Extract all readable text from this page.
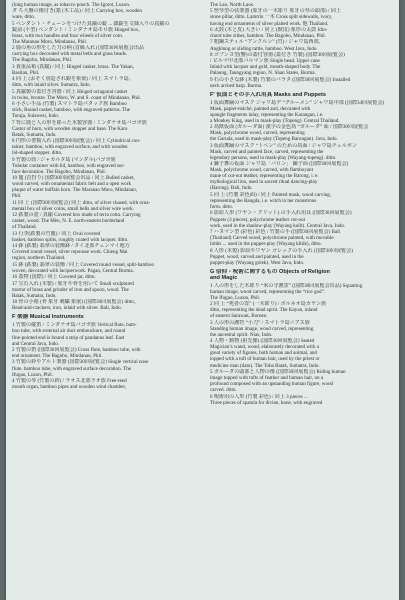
(long human image, as tobacco pouch. The Igorot, Luzon.
ダ ち大盤の像付き(薬 (木工品) / 同上 Carrying box, wooden
ware, ditto.
5 ペンダント・チェーンをつけた真鍮の錠 ... 鎖錠を文様入りの真鍮の
錠前 (平型) ペンダント / ミンダナオ島モロ族 Hinged box,
brass, with two handles and four wheels of silver coin.
The Maranao Moro, Mindanao, Phil.
2 鹿の角の形をした刀の柄 (首級入れ) 国際30回展覧会出品
carrying box decorated with metal bells and glass beads.
The Bagobo, Mindanao, Phil.
3 貴重品箱 (真鍮) / 同上 Hinged casket, brass. The Yakan,
Basilan, Phil.
4 同 上 (おそく別造され銀を象嵌) / 同上 スマトラ島。
ditto, with inlaid silver. Sumatra, Indo.
5 真鍮製の蓋付き容器 / 同上 Hinged octagonal casket
in twins, bronze. The Moro, W. and S. coast of Mindanao, Phil.
6 小さい手品 (竹製) スマトラ島バタック族 Bamboo
stick, Round casket, bamboo, with engraved patterns. The
Toraja, Sulawesi, Indo.
7 背に鹿と人の形を彫った木製容器 / ミンダナオ島バゴボ族
Castor of horn, with wooden stopper and base. The Karo
Batak, Sumatra, Indo.
8 円形の書類入れ (国際30回展覧会) / 同上 Cylindrical con-
tainer, bamboo, with engraved surface, and with wooden
lid-shaped stopper. ditto.
9 竹製の筒 / ジャカルタ島 (マンダル)バゴボ族
Tubular container with lid, bamboo, with engraved sur-
face decoration. The Bagobo, Mindanao, Phil.
10 籠 (首狩り) 国際30回展覧会出品 / 同上 Bulled casket,
wood carved, with ornamental fabric belt and a open work
plaque of water buffalo horn. The Maranao Moro, Mindanao,
Phil.
11 同 上 (国際30回展覧会) 同上 ditto, of silver chased, with orna-
mental box of silver coins, small bells and silver wire work.
12 鉄製の壺 / 真鍮 Covered box made of terra cotta. Carrying
casket, wood. The Mèo, N. E. north-eastern borderland
of Thailand.
13 行李(鉄製の竹籠) / 同上 Oval covered
basket, bamboo splits, roughly coated with lacquer. ditto.
14 鉢 (鉄製) 翡翠の装飾鉢 / タイ北部チェンマイ地方
Covered round vessel, silver repousse work. Chieng Mai
region, northern Thailand.
15 鉢 (鉄製) 翡翠の装飾 / 同上 Covered round vessel, split-bamboo
woven, decorated with lacquerwork. Pagan, Central Burma.
16 蓋物 (国際) / 同上 Covered jar, ditto.
17 宝石入れ (木製) / 象牙や骨を用いて Small sculptured
mortar of brass and grinder of iron and spoon, wood. The
Batak, Sumatra, Indo.
18 骨の小箱 (骨 象牙 刺繍 象嵌) (国際30回展覧会) ditto。
Bead-and-crackers, iron, inlaid with silver. Bali, Indo.
F 楽器 Musical Instruments
1 竹製の縦笛 / ミンダナオ島バゴボ族 Vertical flute, bam-
boo tube, with external air duct embouchure, and round
fine-pointed end is bound a strip of pandanus leaf. East
and Central Java, Indo.
2 竹製の笛 (国際30回展覧会) Cross flute, bamboo tube, with
end ornament. The Bagobo, Mindanao, Phil.
3 竹製の鈴やアルト楽器 (国際30回展覧会) Single vertical nose
flute, bamboo tube, with engraved surface decoration. The
Ifugao, Luzon, Phil.
4 竹製の琴 (竹製の鈴) / ラオス北部ラオ族 Free-reed
mouth organ, bamboo pipes and wooden wind chamber,
The Lao, North Laos.
5 竪琴型の弦楽器 (象牙の一木彫り 象牙の琴の頭部) / 同上
stone pillar, ditto. Lamtrin 一木 Cross spilt sidewalls, ivory,
having end ornaments of silver plaited work. 他 Thailand.
6 太鼓 (木と皮) 大きい / 同上 (獣皮) 象形の太鼓 Idio-
chord tube zither, bamboo. The Bagobo, Mindanao, Phil.
7 粗鋼スティル “アンクルン” (竹) / ジャワ島西部,
Angklung or sliding rattle, bamboo. West Java, Indo.
8 ゴブンヨ型(響)の蓋付容器 (蓋付き 竹製) (国際30回展覧会)
/ ビルマ中北部バルマン族 Single bead. Upper cane
Inlaid with lacquer and gold, mouth-shaped body. The
Palaung, Taungyang region, N. Shan States, Burma.
9 石の小さな鉢 (木製) 竹製のバラタ (国際30回展覧会) Installed
neck arched harp. Burma.
F' 仮面とその手入れ用具 Masks and Puppets
1 仮面舞踊のマスク ジャワ島デ “グルーメン” ジャワ島中部 (国際34回展覧会)
Mask, papier-mâché, painted and, decorated with
spangle fragments inlay, representing the Karangan, i.e.
a Monkey King, used in mask-play (Topeng). Central Thailand.
2 鳥獣仮面 (ガルーダ面) 漢字の金色鳥 “ガルーダ” 面 / 国際30回展覧会
Mask, polychrome wood, carved, representing
the Garuda, used in mask-play (Topeng Barongan). Java, Indo.
3 仮面舞踊のマスク “トペン” のための鳥面 / ジャワ島チェルボン
Mask, carved and painted face, carved, representing the
legendary persons, used in mask-play (Wayang-topeng). ditto.
4 獅子舞の仮面 ジャワ島「バロン」 獅子面 (国際30回展覧会)
Mask, polychrome wood, carved, with flamboyant
mane of cut-out leather, representing the Barong, i. e.
mythological lion, used in sacred ritual dancing-play
(Barong). Bali, Indo.
5 同 上 (竹製 彩色面) / 同上 Painted mask, wood carving,
representing the Rangda, i.e. witch in her monstrous
form. ditto.
6 影絵人形 (ワヤン・クリット) の手入れ用具 (国際30回展覧会)
Puppets (3 pieces), polychrome leather cut-out
work, used in the shadow-play (Wayang kulit). Central Java, Indo.
7 ハヌマン型 (彩色) 彩色 / 竹製の手 (国際30回展覧会) Bali
(Thailand) Carved wood, polychrome painted, with movable
limbs ... used in the puppet-play (Wayang klitik), ditto.
8 人形 (木製) 影絵やワヤン ゴレックの手入れ (国際30回展覧会)
Puppet, wood, carved and painted, used in the
puppet-play (Wayang golek). West Java, Indo.
G 信仰・呪術に関するもの Objects of Religion
and Magic
1 人の形をした木彫り “米の守護霊” (国際30回展覧会出品) Squatting
human image, wood carved, representing the “rice god”.
The Ifugao, Luzon, Phil.
2 同 上 “死者の霊” (一木彫り) / ボルネオ島カヤン族
ditto, representing the dead spirit. The Kayan, inland
of eastern Sarawak, Borneo.
3 人の形の護符 “小刀” / スマトラ島ニアス族
Standing human image, wood carved, representing
the ancestral spirit. Nias, Indo.
4 人物・動物 (祖先像) (国際30回展覧会) Seated
Magician’s wand, wood, elaborately decorated with a
great variety of figures, both human and animal, and
topped with a tuft of human hair, used by the priest or
medicine man (datu). The Toba Batak, Sumatra, Indo.
5 ガルーダの頭部と人物の像 (国際30回展覧会) Riding human
image topped with tufts of feather and human hair, on a
profound composed with an upstanding human figure, wood
carved. ditto.
6 呪術用の人形 (竹製 彩色) / 同上 3 pieces ...
Three pieces of spatula for divine, bone, with engraved
